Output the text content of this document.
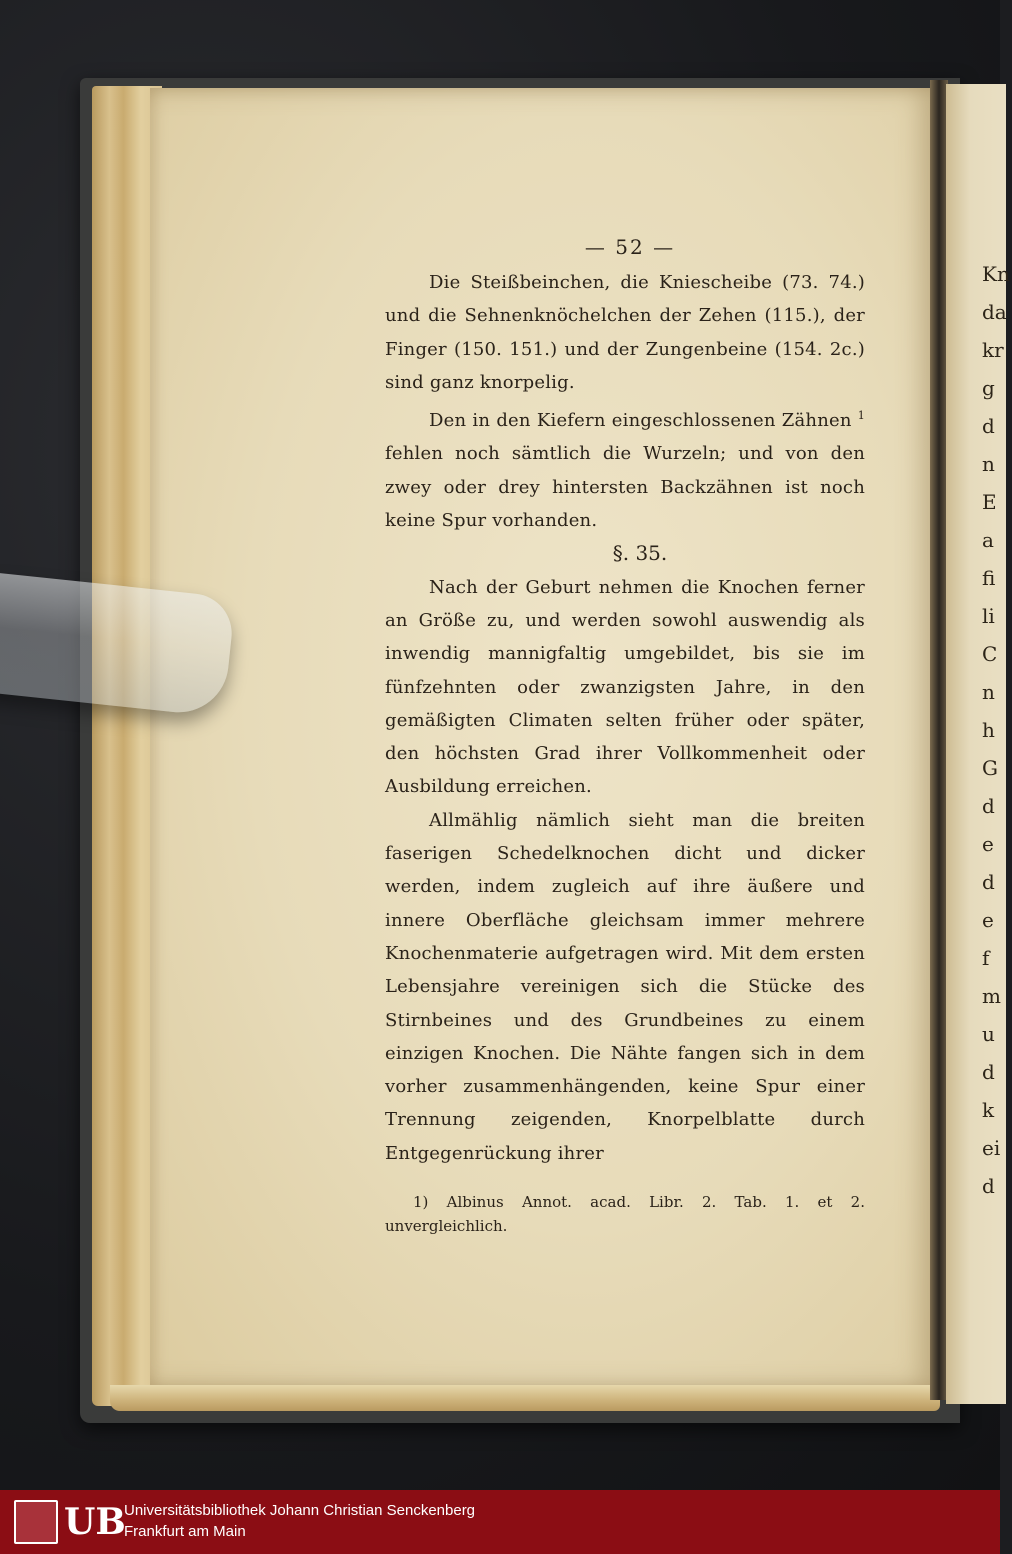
Kn
da
kr
g
d
n
E
a
fi
li
C
n
h
G
d
e
d
e
f
m
u
d
k
ei
d
— 52 —

Die Steißbeinchen, die Kniescheibe (73. 74.) und die Sehnenknöchelchen der Zehen (115.), der Finger (150. 151.) und der Zungenbeine (154. 2c.) sind ganz knorpelig.

Den in den Kiefern eingeschlossenen Zähnen $^1$ fehlen noch sämtlich die Wurzeln; und von den zwey oder drey hintersten Backzähnen ist noch keine Spur vorhanden.

§. 35.

Nach der Geburt nehmen die Knochen ferner an Größe zu, und werden sowohl auswendig als inwendig mannigfaltig umgebildet, bis sie im fünfzehnten oder zwanzigsten Jahre, in den gemäßigten Climaten selten früher oder später, den höchsten Grad ihrer Vollkommenheit oder Ausbildung erreichen.

Allmählig nämlich sieht man die breiten faserigen Schedelknochen dicht und dicker werden, indem zugleich auf ihre äußere und innere Oberfläche gleichsam immer mehrere Knochenmaterie aufgetragen wird. Mit dem ersten Lebensjahre vereinigen sich die Stücke des Stirnbeines und des Grundbeines zu einem einzigen Knochen. Die Nähte fangen sich in dem vorher zusammenhängenden, keine Spur einer Trennung zeigenden, Knorpelblatte durch Entgegenrückung ihrer

1) Albinus Annot. acad. Libr. 2. Tab. 1. et 2. unvergleichlich.

UB
Universitätsbibliothek Johann Christian Senckenberg
Frankfurt am Main
